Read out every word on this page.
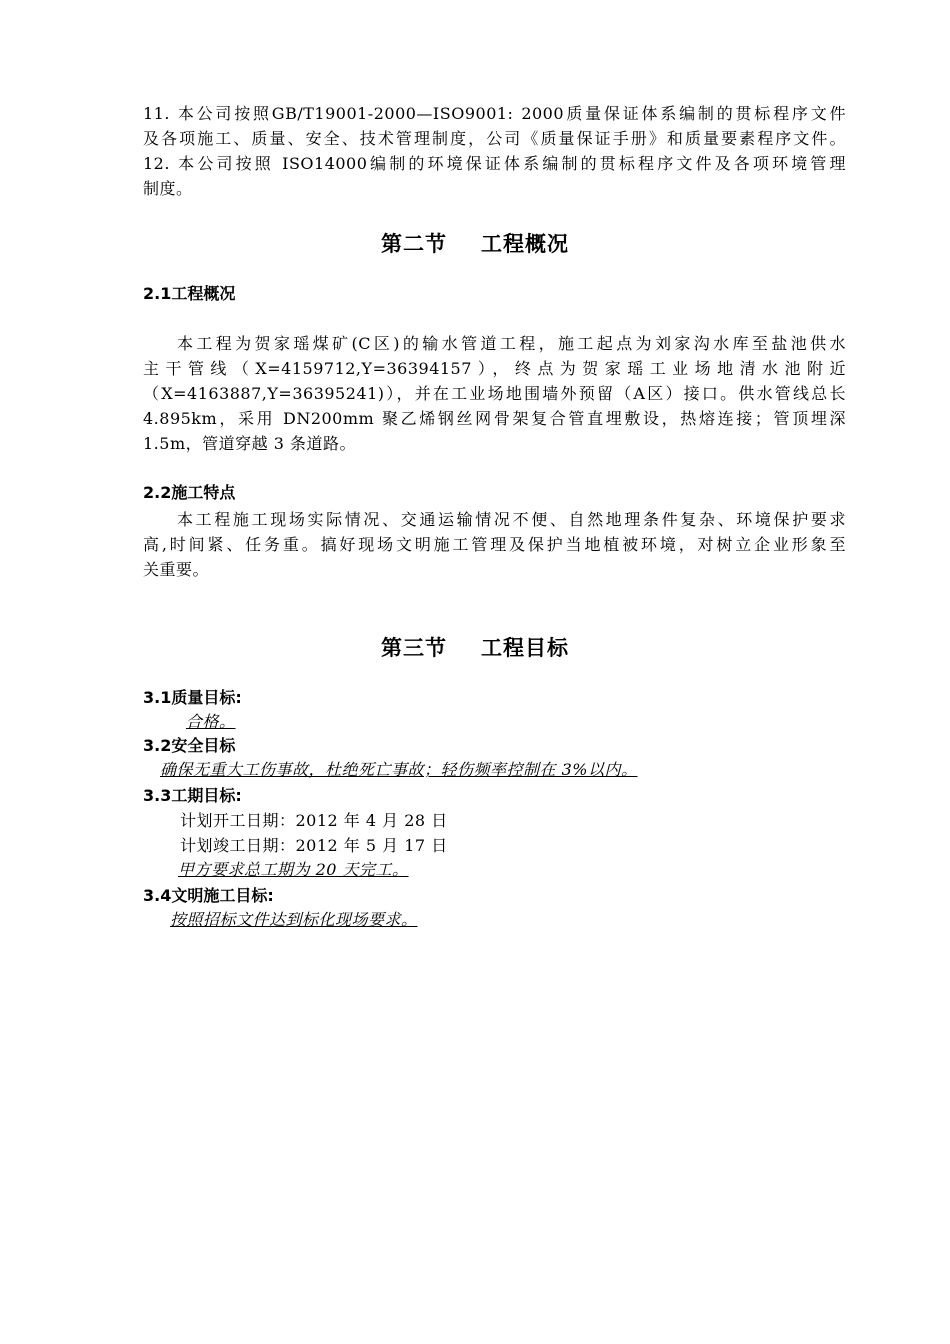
11. 本公司按照GB/T19001-2000—ISO9001: 2000质量保证体系编制的贯标程序文件
及各项施工、质量、安全、技术管理制度，公司《质量保证手册》和质量要素程序文件。
12. 本公司按照 ISO14000编制的环境保证体系编制的贯标程序文件及各项环境管理
制度。
第二节 工程概况
2.1工程概况
本工程为贺家瑶煤矿(C区)的输水管道工程，施工起点为刘家沟水库至盐池供水
主干管线（X=4159712,Y=36394157），终点为贺家瑶工业场地清水池附近
（X=4163887,Y=36395241)），并在工业场地围墙外预留（A区）接口。供水管线总长
4.895km，采用 DN200mm 聚乙烯钢丝网骨架复合管直埋敷设，热熔连接；管顶埋深
1.5m，管道穿越 3 条道路。
2.2施工特点
本工程施工现场实际情况、交通运输情况不便、自然地理条件复杂、环境保护要求
高,时间紧、任务重。搞好现场文明施工管理及保护当地植被环境，对树立企业形象至
关重要。
第三节 工程目标
3.1质量目标:
合格。
3.2安全目标
确保无重大工伤事故，杜绝死亡事故；轻伤频率控制在 3%以内。
3.3工期目标:
计划开工日期：2012 年 4 月 28 日
计划竣工日期：2012 年 5 月 17 日
甲方要求总工期为 20 天完工。
3.4文明施工目标:
按照招标文件达到标化现场要求。
